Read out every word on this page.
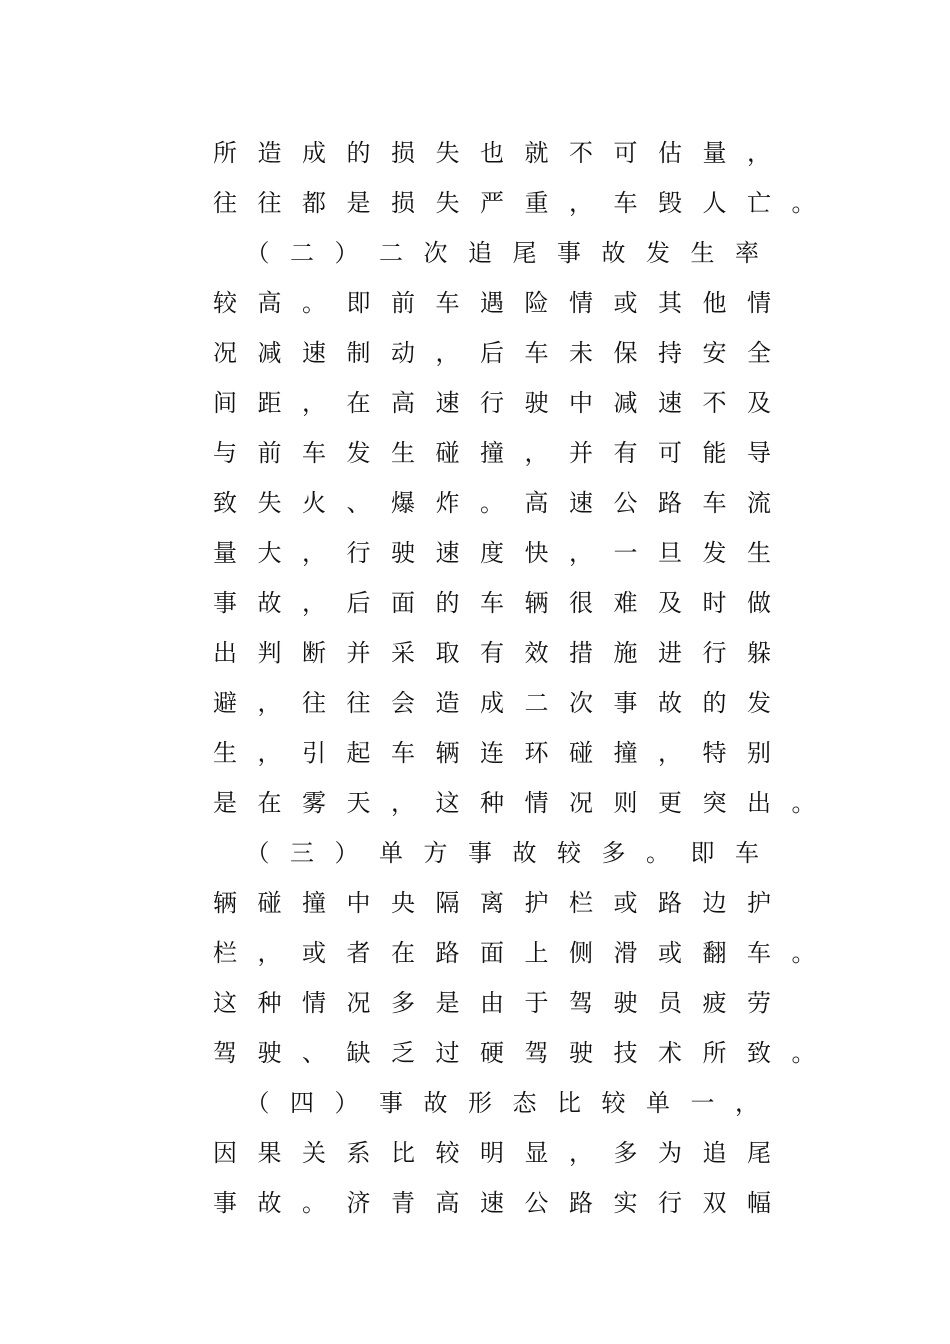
所造成的损失也就不可估量，
往往都是损失严重，车毁人亡。
　（二）二次追尾事故发生率
较高。即前车遇险情或其他情
况减速制动，后车未保持安全
间距，在高速行驶中减速不及
与前车发生碰撞，并有可能导
致失火、爆炸。高速公路车流
量大，行驶速度快，一旦发生
事故，后面的车辆很难及时做
出判断并采取有效措施进行躲
避，往往会造成二次事故的发
生，引起车辆连环碰撞，特别
是在雾天，这种情况则更突出。
　（三）单方事故较多。即车
辆碰撞中央隔离护栏或路边护
栏，或者在路面上侧滑或翻车。
这种情况多是由于驾驶员疲劳
驾驶、缺乏过硬驾驶技术所致。
　（四）事故形态比较单一，
因果关系比较明显，多为追尾
事故。济青高速公路实行双幅
